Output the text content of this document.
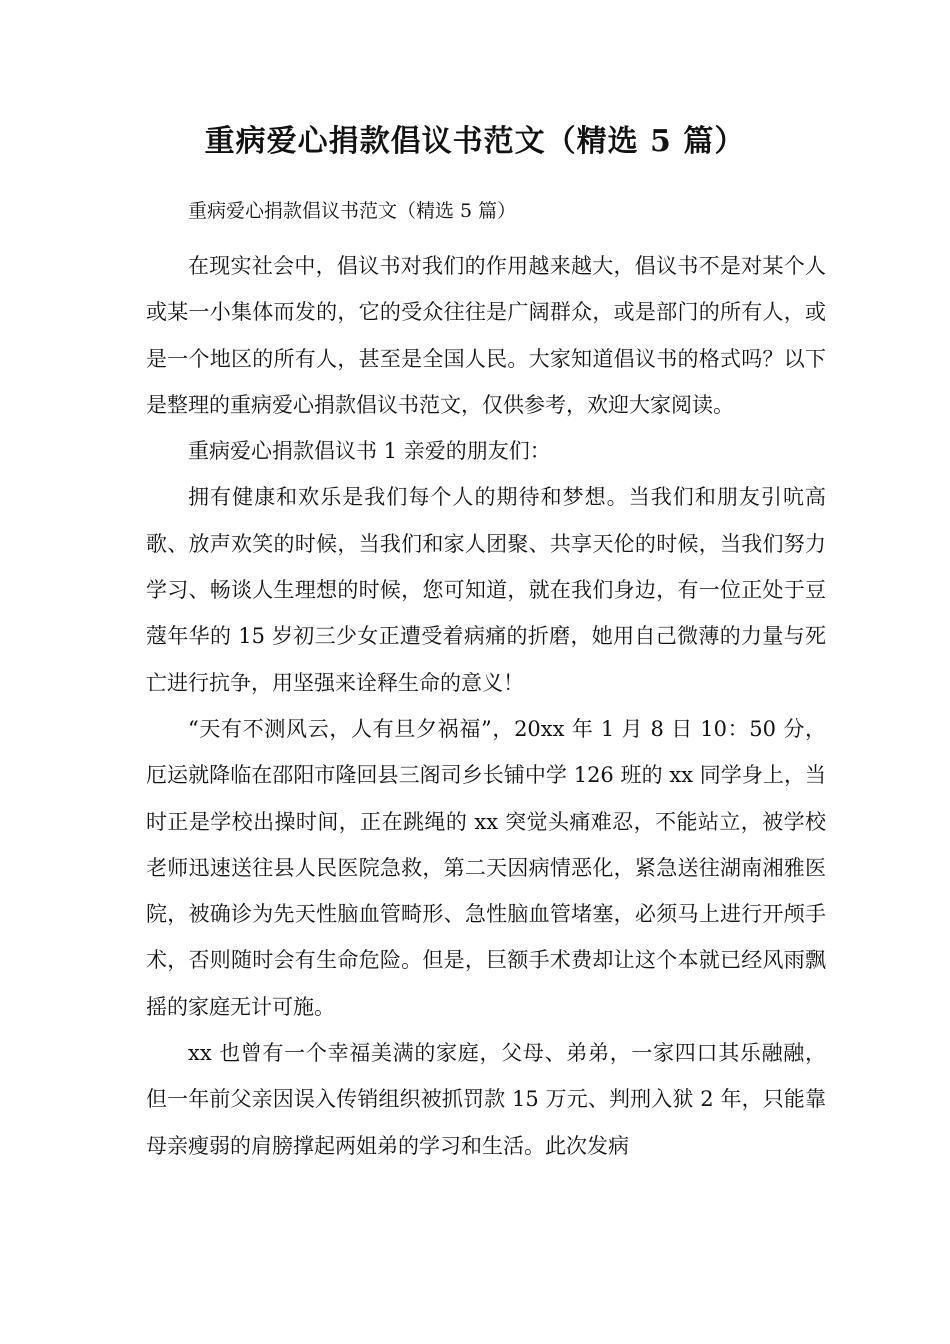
重病爱心捐款倡议书范文（精选 5 篇）

重病爱心捐款倡议书范文（精选 5 篇）

在现实社会中，倡议书对我们的作用越来越大，倡议书不是对某个人或某一小集体而发的，它的受众往往是广阔群众，或是部门的所有人，或是一个地区的所有人，甚至是全国人民。大家知道倡议书的格式吗？以下是整理的重病爱心捐款倡议书范文，仅供参考，欢迎大家阅读。

重病爱心捐款倡议书 1 亲爱的朋友们：

拥有健康和欢乐是我们每个人的期待和梦想。当我们和朋友引吭高歌、放声欢笑的时候，当我们和家人团聚、共享天伦的时候，当我们努力学习、畅谈人生理想的时候，您可知道，就在我们身边，有一位正处于豆蔻年华的 15 岁初三少女正遭受着病痛的折磨，她用自己微薄的力量与死亡进行抗争，用坚强来诠释生命的意义！

“天有不测风云，人有旦夕祸福”，20xx 年 1 月 8 日 10：50 分，厄运就降临在邵阳市隆回县三阁司乡长铺中学 126 班的 xx 同学身上，当时正是学校出操时间，正在跳绳的 xx 突觉头痛难忍，不能站立，被学校老师迅速送往县人民医院急救，第二天因病情恶化，紧急送往湖南湘雅医院，被确诊为先天性脑血管畸形、急性脑血管堵塞，必须马上进行开颅手术，否则随时会有生命危险。但是，巨额手术费却让这个本就已经风雨飘摇的家庭无计可施。

xx 也曾有一个幸福美满的家庭，父母、弟弟，一家四口其乐融融，但一年前父亲因误入传销组织被抓罚款 15 万元、判刑入狱 2 年，只能靠母亲瘦弱的肩膀撑起两姐弟的学习和生活。此次发病
